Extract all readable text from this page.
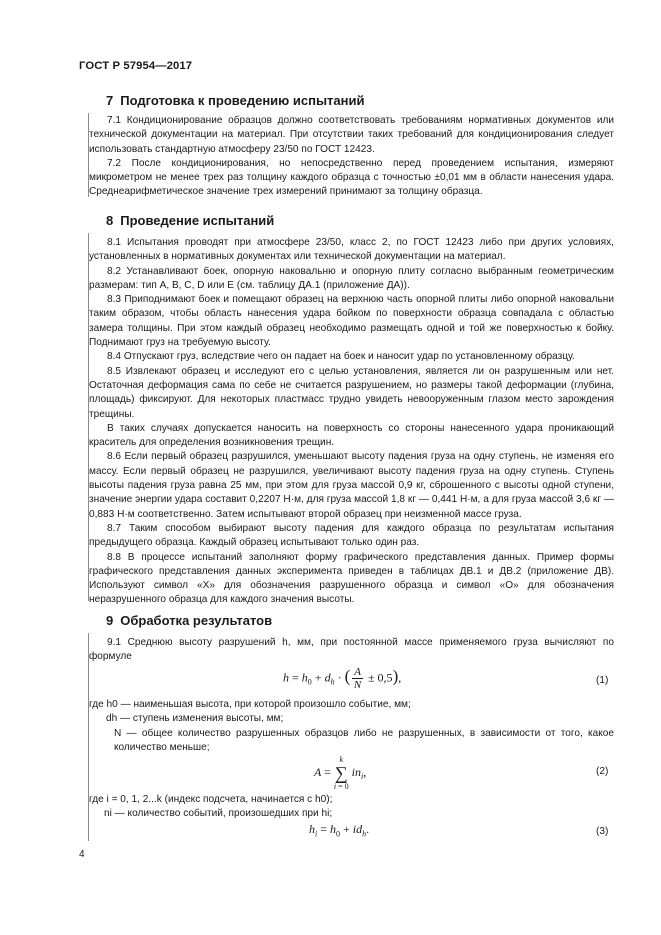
ГОСТ Р 57954—2017
7 Подготовка к проведению испытаний

7.1 Кондиционирование образцов должно соответствовать требованиям нормативных документов или технической документации на материал. При отсутствии таких требований для кондиционирования следует использовать стандартную атмосферу 23/50 по ГОСТ 12423.

7.2 После кондиционирования, но непосредственно перед проведением испытания, измеряют микрометром не менее трех раз толщину каждого образца с точностью ±0,01 мм в области нанесения удара. Среднеарифметическое значение трех измерений принимают за толщину образца.

8 Проведение испытаний

8.1 Испытания проводят при атмосфере 23/50, класс 2, по ГОСТ 12423 либо при других условиях, установленных в нормативных документах или технической документации на материал.

8.2 Устанавливают боек, опорную наковальню и опорную плиту согласно выбранным геометрическим размерам: тип А, В, С, D или Е (см. таблицу ДА.1 (приложение ДА)).

8.3 Приподнимают боек и помещают образец на верхнюю часть опорной плиты либо опорной наковальни таким образом, чтобы область нанесения удара бойком по поверхности образца совпадала с областью замера толщины. При этом каждый образец необходимо размещать одной и той же поверхностью к бойку. Поднимают груз на требуемую высоту.

8.4 Отпускают груз, вследствие чего он падает на боек и наносит удар по установленному образцу.

8.5 Извлекают образец и исследуют его с целью установления, является ли он разрушенным или нет. Остаточная деформация сама по себе не считается разрушением, но размеры такой деформации (глубина, площадь) фиксируют. Для некоторых пластмасс трудно увидеть невооруженным глазом место зарождения трещины.

В таких случаях допускается наносить на поверхность со стороны нанесенного удара проникающий краситель для определения возникновения трещин.

8.6 Если первый образец разрушился, уменьшают высоту падения груза на одну ступень, не изменяя его массу. Если первый образец не разрушился, увеличивают высоту падения груза на одну ступень. Ступень высоты падения груза равна 25 мм, при этом для груза массой 0,9 кг, сброшенного с высоты одной ступени, значение энергии удара составит 0,2207 Н·м, для груза массой 1,8 кг — 0,441 Н·м, а для груза массой 3,6 кг — 0,883 Н·м соответственно. Затем испытывают второй образец при неизменной массе груза.

8.7 Таким способом выбирают высоту падения для каждого образца по результатам испытания предыдущего образца. Каждый образец испытывают только один раз.

8.8 В процессе испытаний заполняют форму графического представления данных. Пример формы графического представления данных эксперимента приведен в таблицах ДВ.1 и ДВ.2 (приложение ДВ). Используют символ «X» для обозначения разрушенного образца и символ «О» для обозначения неразрушенного образца для каждого значения высоты.

9 Обработка результатов

9.1 Среднюю высоту разрушений h, мм, при постоянной массе применяемого груза вычисляют по формуле

$h = h_0 + d_h$ · ( $\frac{A}{N} \pm 0,5$),	(1)
где h0 — наименьшая высота, при которой произошло событие, мм;
dh — ступень изменения высоты, мм;
N — общее количество разрушенных образцов либо не разрушенных, в зависимости от того, какое количество меньше;
A =
k
∑
i = 0
$in_i$,	(2)
где i = 0, 1, 2...k (индекс подсчета, начинается с h0);
ni — количество событий, произошедших при hi;
$h_i = h_0 + id_h$.	(3)
4
